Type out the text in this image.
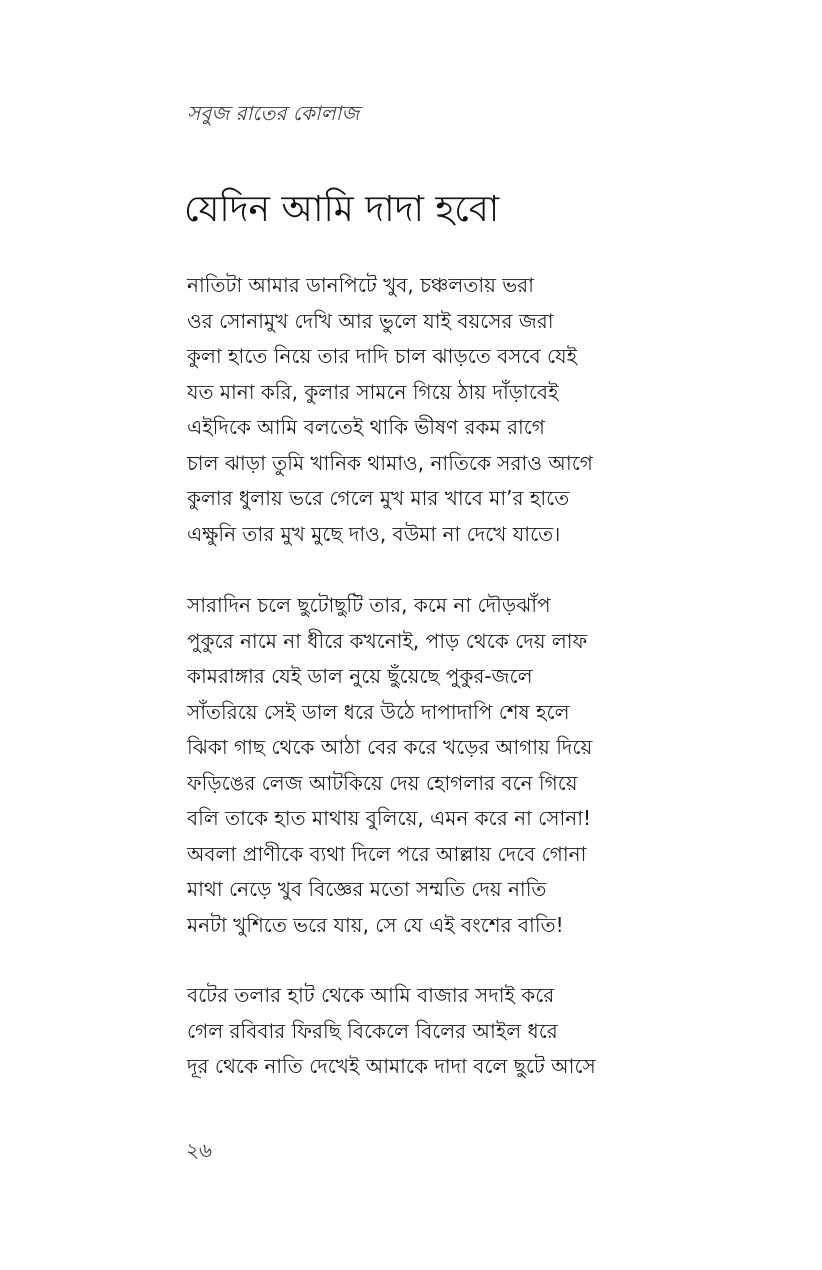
সবুজ রাতের কোলাজ
যেদিন আমি দাদা হবো
নাতিটা আমার ডানপিটে খুব, চঞ্চলতায় ভরা
ওর সোনামুখ দেখি আর ভুলে যাই বয়সের জরা
কুলা হাতে নিয়ে তার দাদি চাল ঝাড়তে বসবে যেই
যত মানা করি, কুলার সামনে গিয়ে ঠায় দাঁড়াবেই
এইদিকে আমি বলতেই থাকি ভীষণ রকম রাগে
চাল ঝাড়া তুমি খানিক থামাও, নাতিকে সরাও আগে
কুলার ধুলায় ভরে গেলে মুখ মার খাবে মা’র হাতে
এক্ষুনি তার মুখ মুছে দাও, বউমা না দেখে যাতে।
সারাদিন চলে ছুটোছুটি তার, কমে না দৌড়ঝাঁপ
পুকুরে নামে না ধীরে কখনোই, পাড় থেকে দেয় লাফ
কামরাঙ্গার যেই ডাল নুয়ে ছুঁয়েছে পুকুর-জলে
সাঁতরিয়ে সেই ডাল ধরে উঠে দাপাদাপি শেষ হলে
ঝিকা গাছ থেকে আঠা বের করে খড়ের আগায় দিয়ে
ফড়িঙের লেজ আটকিয়ে দেয় হোগলার বনে গিয়ে
বলি তাকে হাত মাথায় বুলিয়ে, এমন করে না সোনা!
অবলা প্রাণীকে ব্যথা দিলে পরে আল্লায় দেবে গোনা
মাথা নেড়ে খুব বিজ্ঞের মতো সম্মতি দেয় নাতি
মনটা খুশিতে ভরে যায়, সে যে এই বংশের বাতি!
বটের তলার হাট থেকে আমি বাজার সদাই করে
গেল রবিবার ফিরছি বিকেলে বিলের আইল ধরে
দূর থেকে নাতি দেখেই আমাকে দাদা বলে ছুটে আসে
২৬
